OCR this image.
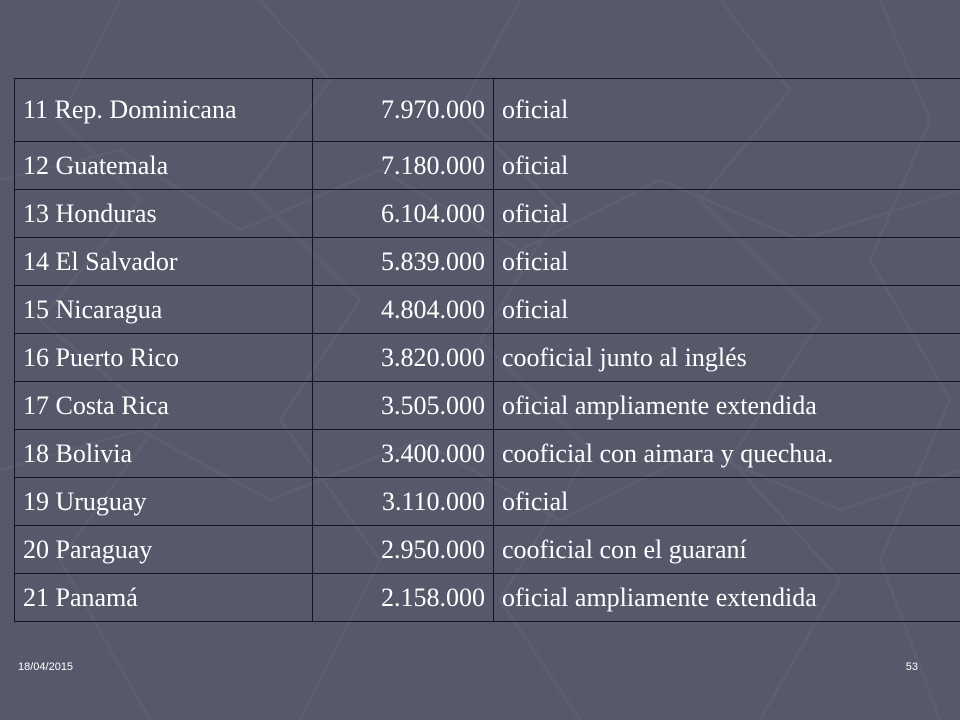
11 Rep. Dominicana	7.970.000	oficial
12 Guatemala	7.180.000	oficial
13 Honduras	6.104.000	oficial
14 El Salvador	5.839.000	oficial
15 Nicaragua	4.804.000	oficial
16 Puerto Rico	3.820.000	cooficial junto al inglés
17 Costa Rica	3.505.000	oficial ampliamente extendida
18 Bolivia	3.400.000	cooficial con aimara y quechua.
19 Uruguay	3.110.000	oficial
20 Paraguay	2.950.000	cooficial con el guaraní
21 Panamá	2.158.000	oficial ampliamente extendida
18/04/2015	53
